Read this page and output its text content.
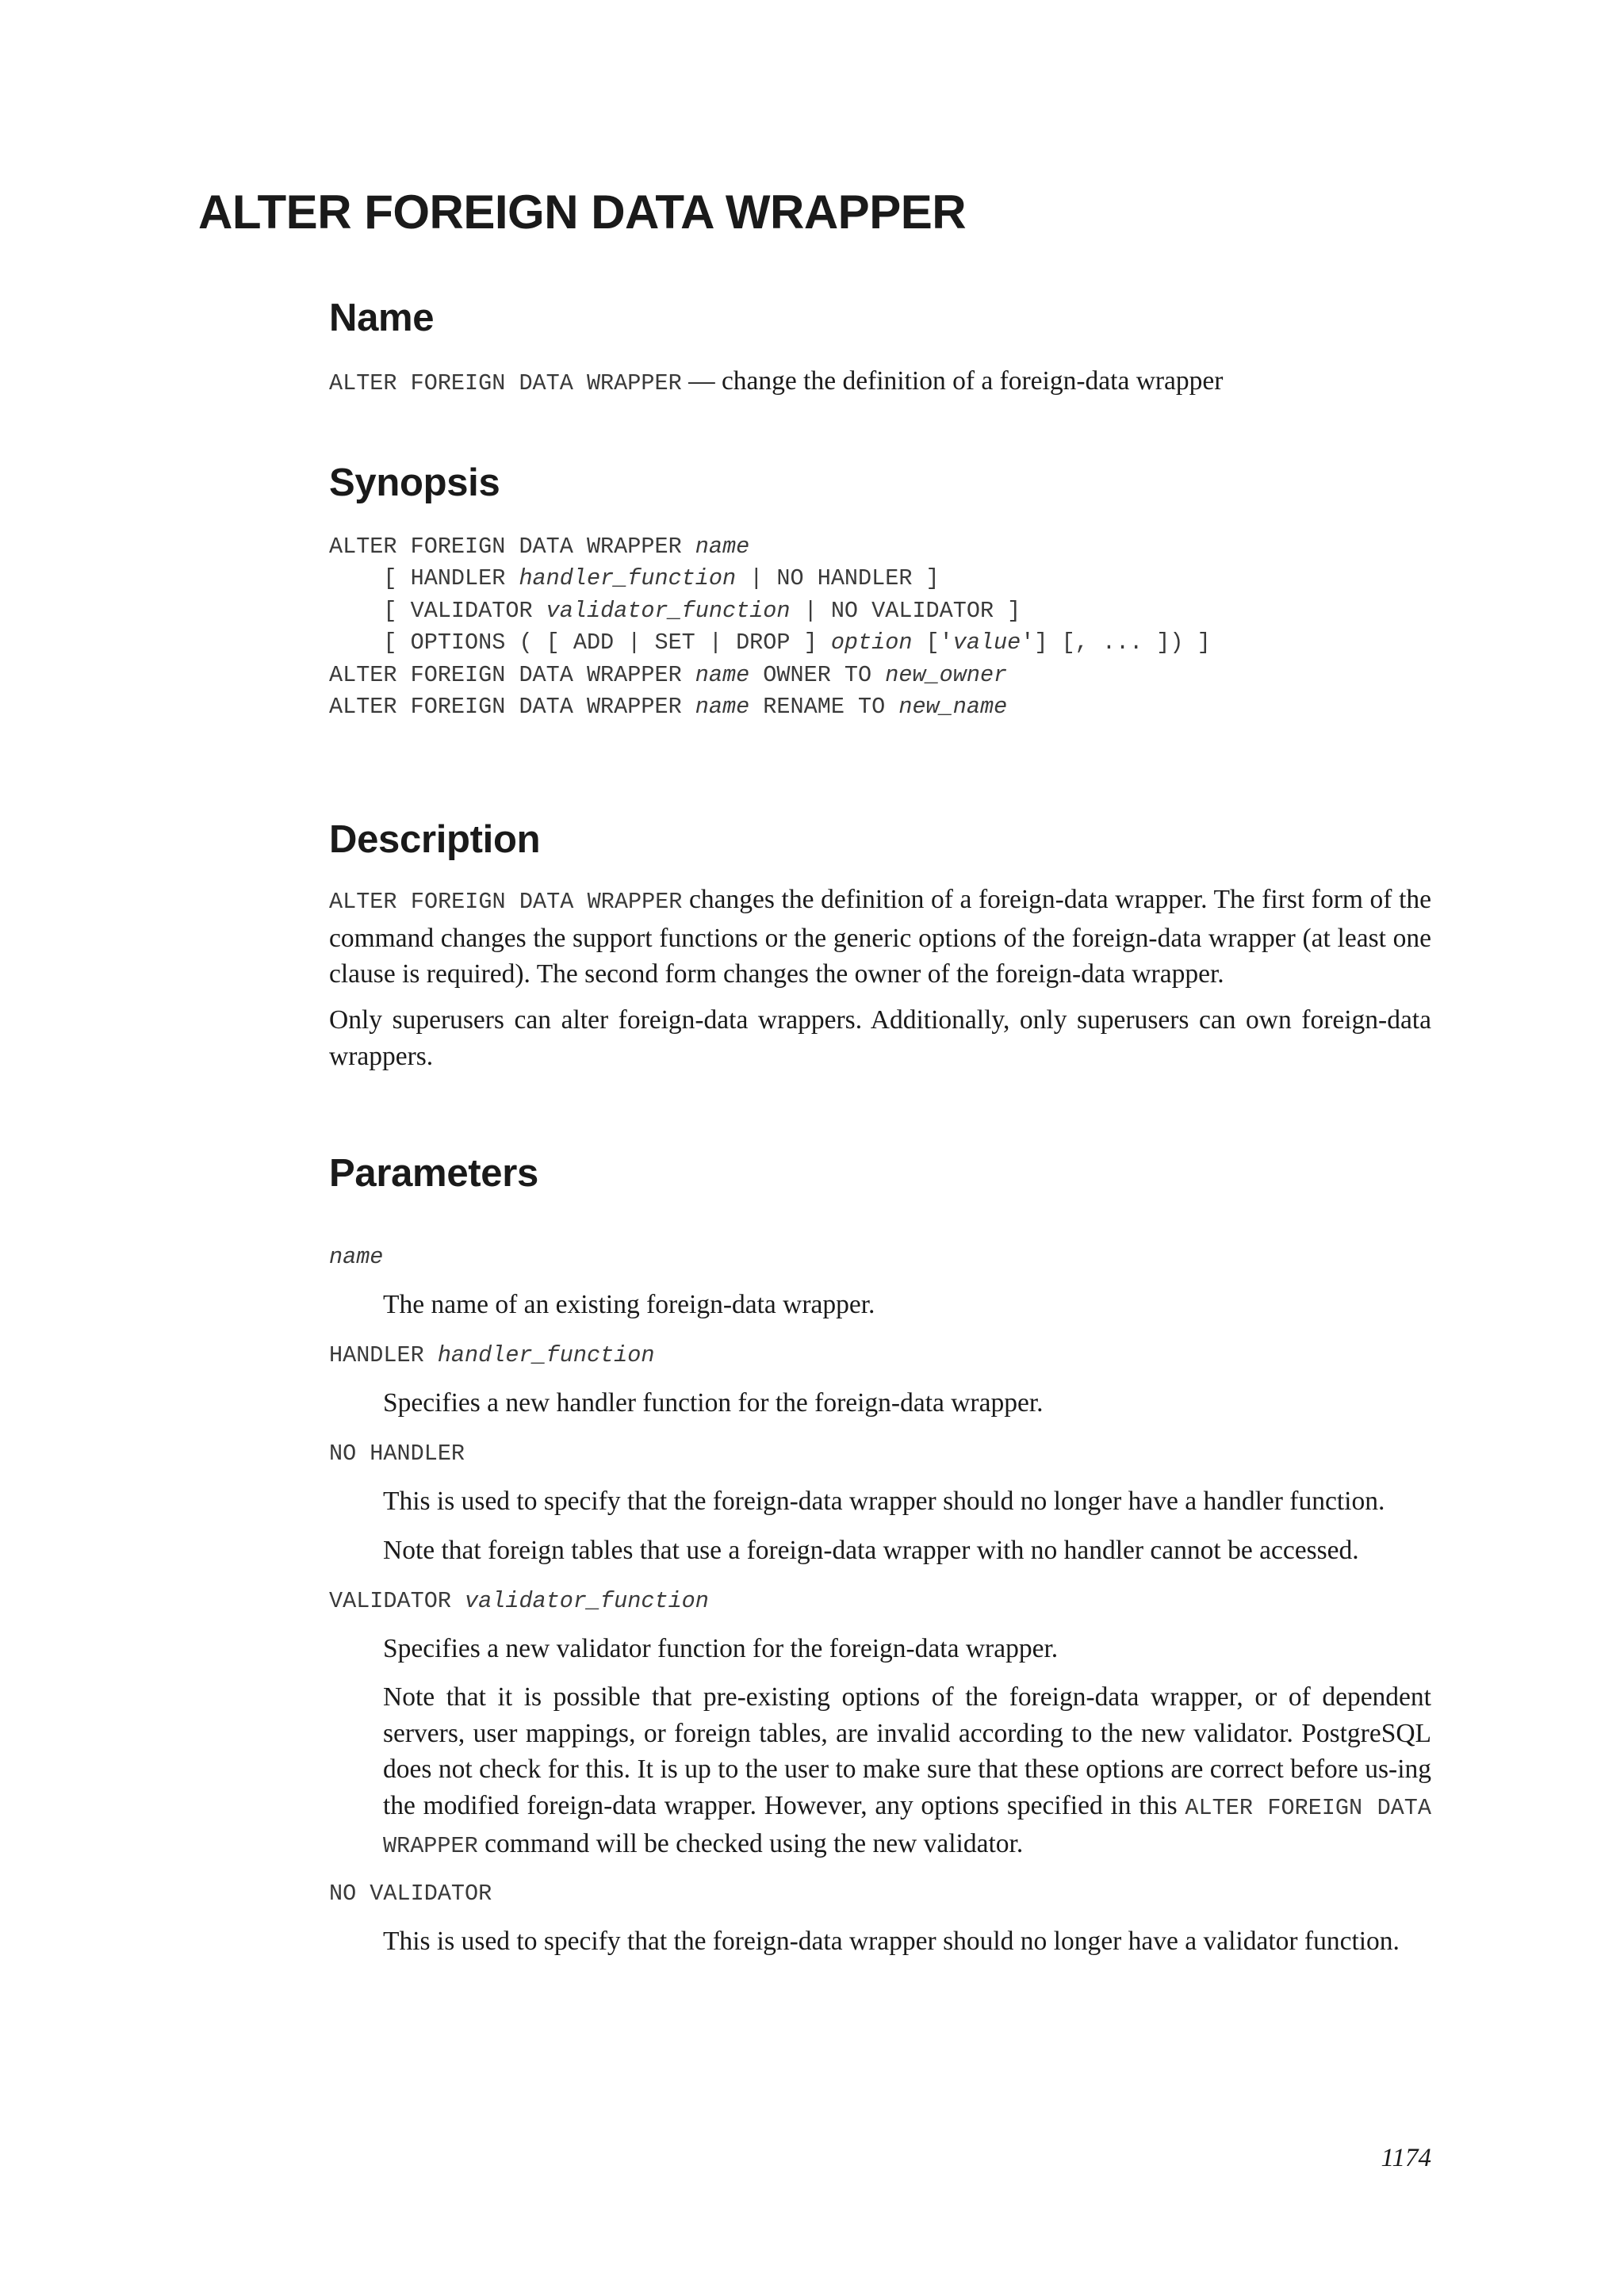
ALTER FOREIGN DATA WRAPPER
Name

ALTER FOREIGN DATA WRAPPER — change the definition of a foreign-data wrapper

Synopsis
ALTER FOREIGN DATA WRAPPER name
[ HANDLER handler_function | NO HANDLER ]
[ VALIDATOR validator_function | NO VALIDATOR ]
[ OPTIONS ( [ ADD | SET | DROP ] option ['value'] [, ... ]) ]
ALTER FOREIGN DATA WRAPPER name OWNER TO new_owner
ALTER FOREIGN DATA WRAPPER name RENAME TO new_name
Description

ALTER FOREIGN DATA WRAPPER changes the definition of a foreign-data wrapper. The first form of the command changes the support functions or the generic options of the foreign-data wrapper (at least one clause is required). The second form changes the owner of the foreign-data wrapper.

Only superusers can alter foreign-data wrappers. Additionally, only superusers can own foreign-data wrappers.

Parameters

name

The name of an existing foreign-data wrapper.

HANDLER handler_function

Specifies a new handler function for the foreign-data wrapper.

NO HANDLER

This is used to specify that the foreign-data wrapper should no longer have a handler function.

Note that foreign tables that use a foreign-data wrapper with no handler cannot be accessed.

VALIDATOR validator_function

Specifies a new validator function for the foreign-data wrapper.

Note that it is possible that pre-existing options of the foreign-data wrapper, or of dependent servers, user mappings, or foreign tables, are invalid according to the new validator. PostgreSQL does not check for this. It is up to the user to make sure that these options are correct before us-ing the modified foreign-data wrapper. However, any options specified in this ALTER FOREIGN DATA WRAPPER command will be checked using the new validator.

NO VALIDATOR

This is used to specify that the foreign-data wrapper should no longer have a validator function.

1174
